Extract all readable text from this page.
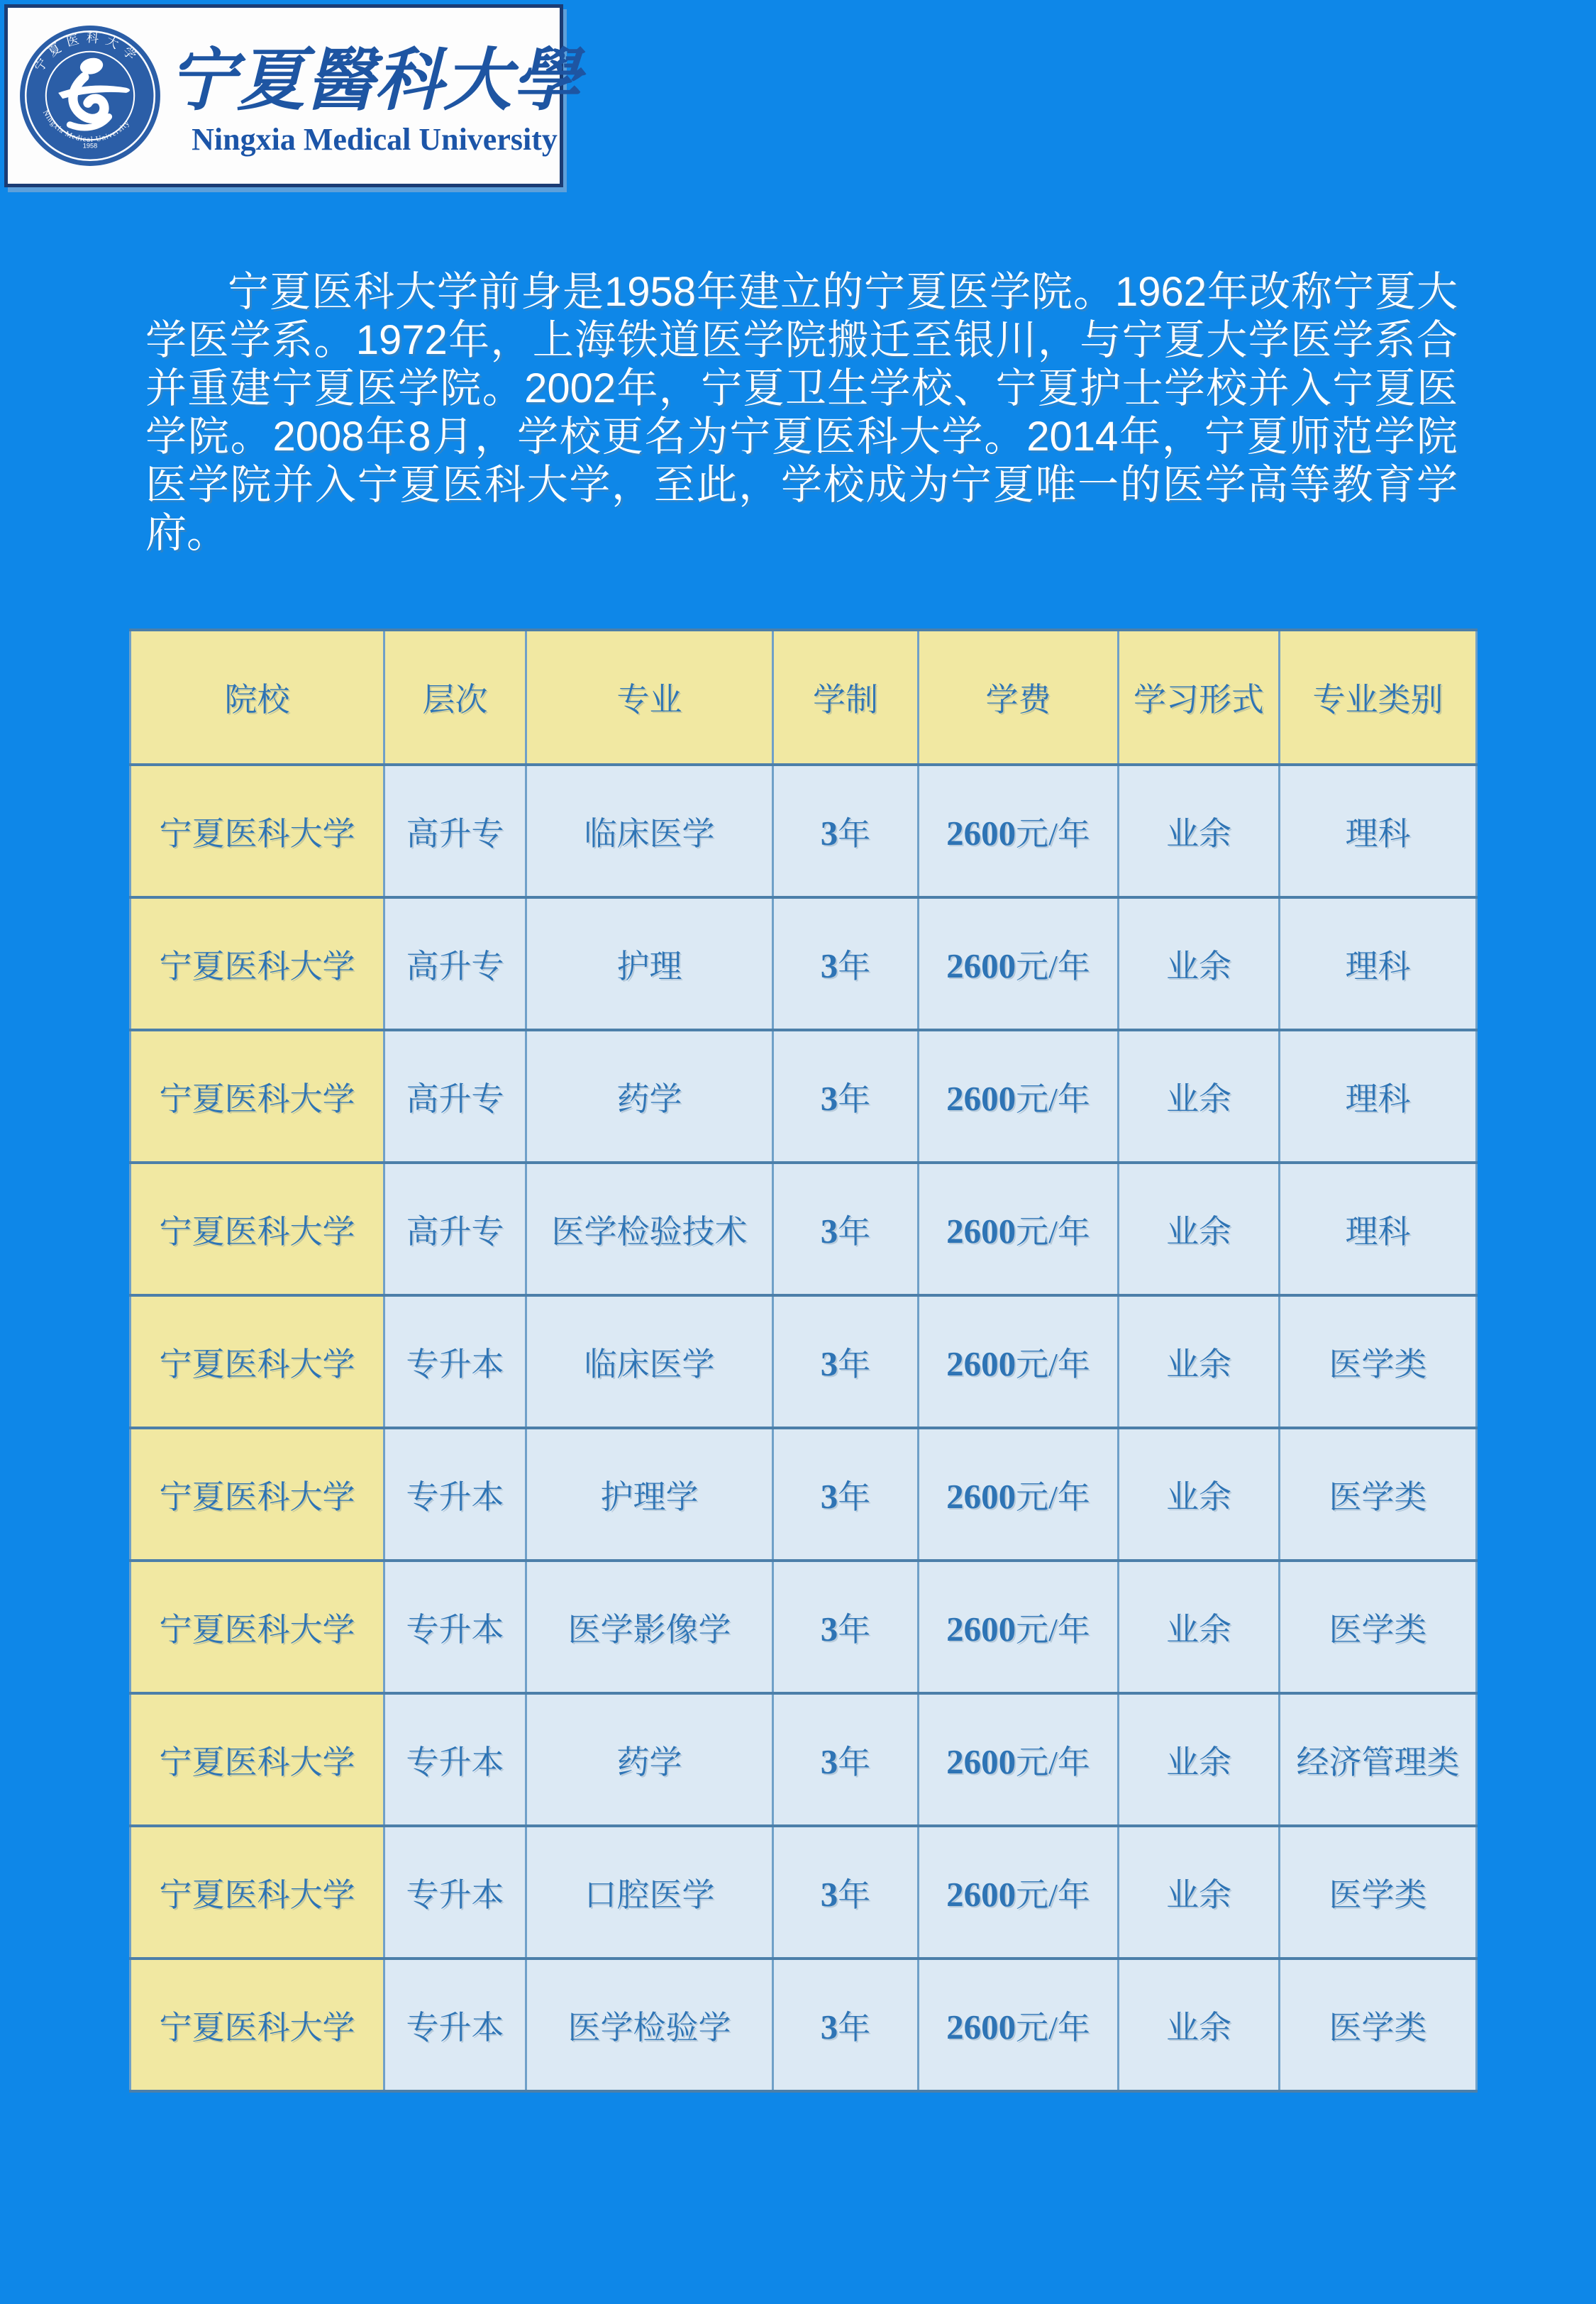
宁夏医科大学
Ningxia Medical University
1958
宁夏醫科大學
Ningxia Medical University

宁夏医科大学前身是1958年建立的宁夏医学院。1962年改称宁夏大学医学系。1972年，上海铁道医学院搬迁至银川，与宁夏大学医学系合并重建宁夏医学院。2002年，宁夏卫生学校、宁夏护士学校并入宁夏医学院。2008年8月，学校更名为宁夏医科大学。2014年，宁夏师范学院医学院并入宁夏医科大学，至此，学校成为宁夏唯一的医学高等教育学府。

院校	层次	专业	学制	学费	学习形式	专业类别
宁夏医科大学	高升专	临床医学	3年	2600元/年	业余	理科
宁夏医科大学	高升专	护理	3年	2600元/年	业余	理科
宁夏医科大学	高升专	药学	3年	2600元/年	业余	理科
宁夏医科大学	高升专	医学检验技术	3年	2600元/年	业余	理科
宁夏医科大学	专升本	临床医学	3年	2600元/年	业余	医学类
宁夏医科大学	专升本	护理学	3年	2600元/年	业余	医学类
宁夏医科大学	专升本	医学影像学	3年	2600元/年	业余	医学类
宁夏医科大学	专升本	药学	3年	2600元/年	业余	经济管理类
宁夏医科大学	专升本	口腔医学	3年	2600元/年	业余	医学类
宁夏医科大学	专升本	医学检验学	3年	2600元/年	业余	医学类
